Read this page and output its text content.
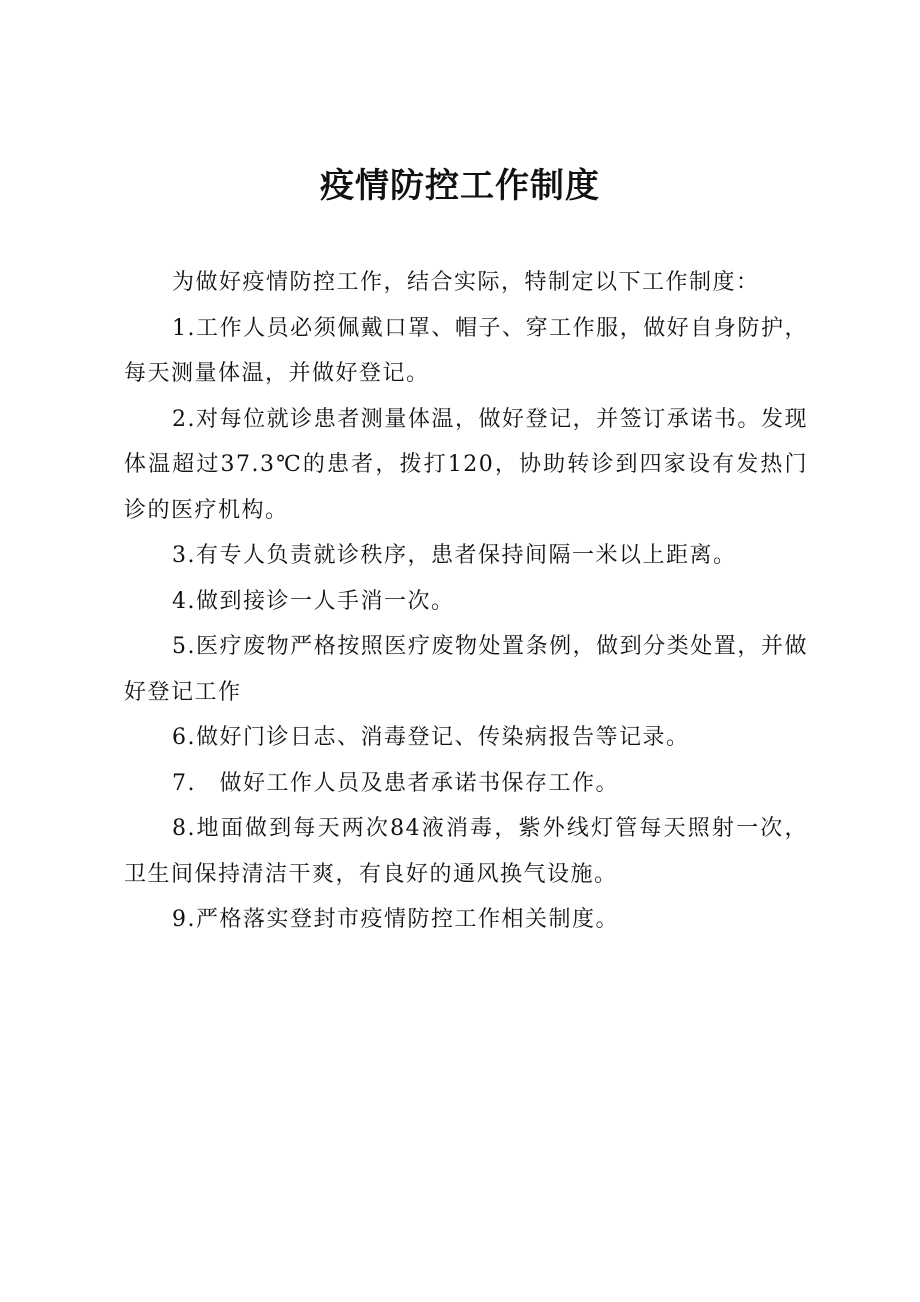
疫情防控工作制度

为做好疫情防控工作，结合实际，特制定以下工作制度：

1.工作人员必须佩戴口罩、帽子、穿工作服，做好自身防护，每天测量体温，并做好登记。

2.对每位就诊患者测量体温，做好登记，并签订承诺书。发现体温超过37.3℃的患者，拨打120，协助转诊到四家设有发热门诊的医疗机构。

3.有专人负责就诊秩序，患者保持间隔一米以上距离。

4.做到接诊一人手消一次。

5.医疗废物严格按照医疗废物处置条例，做到分类处置，并做好登记工作

6.做好门诊日志、消毒登记、传染病报告等记录。

7.　做好工作人员及患者承诺书保存工作。

8.地面做到每天两次84液消毒，紫外线灯管每天照射一次，卫生间保持清洁干爽，有良好的通风换气设施。

9.严格落实登封市疫情防控工作相关制度。
